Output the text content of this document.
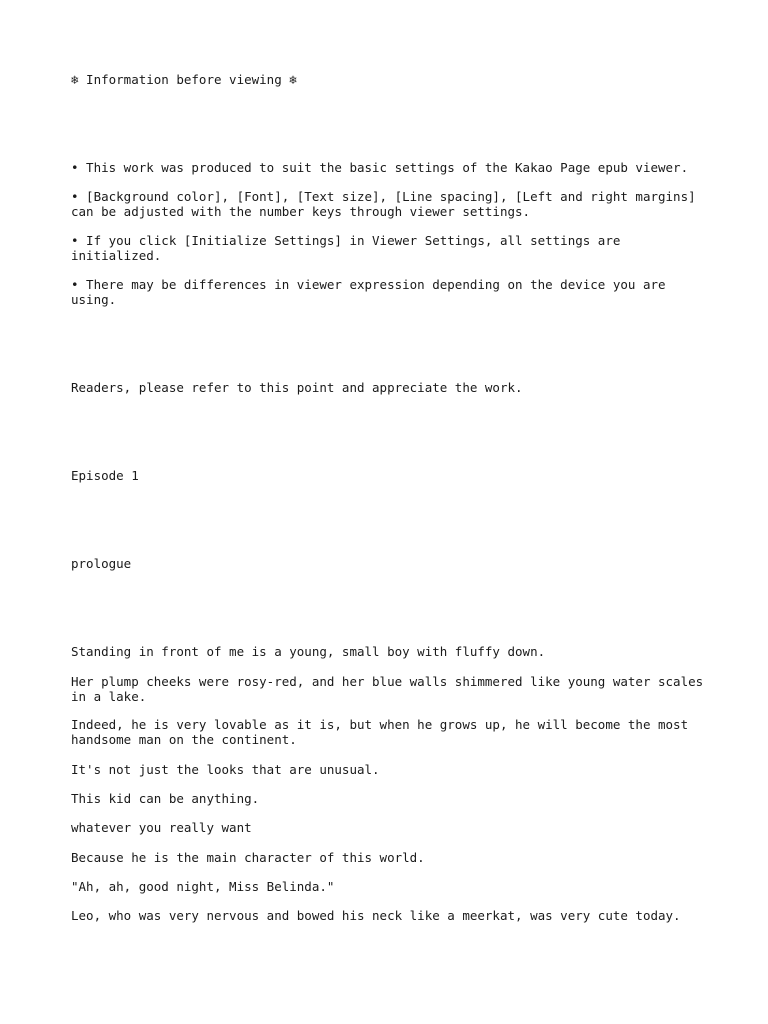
❄ Information before viewing ❄

• This work was produced to suit the basic settings of the Kakao Page epub viewer.

• [Background color], [Font], [Text size], [Line spacing], [Left and right margins] can be adjusted with the number keys through viewer settings.

• If you click [Initialize Settings] in Viewer Settings, all settings are initialized.

• There may be differences in viewer expression depending on the device you are using.

Readers, please refer to this point and appreciate the work.

Episode 1

prologue

Standing in front of me is a young, small boy with fluffy down.

Her plump cheeks were rosy-red, and her blue walls shimmered like young water scales in a lake.

Indeed, he is very lovable as it is, but when he grows up, he will become the most handsome man on the continent.

It's not just the looks that are unusual.

This kid can be anything.

whatever you really want

Because he is the main character of this world.

"Ah, ah, good night, Miss Belinda."

Leo, who was very nervous and bowed his neck like a meerkat, was very cute today.
